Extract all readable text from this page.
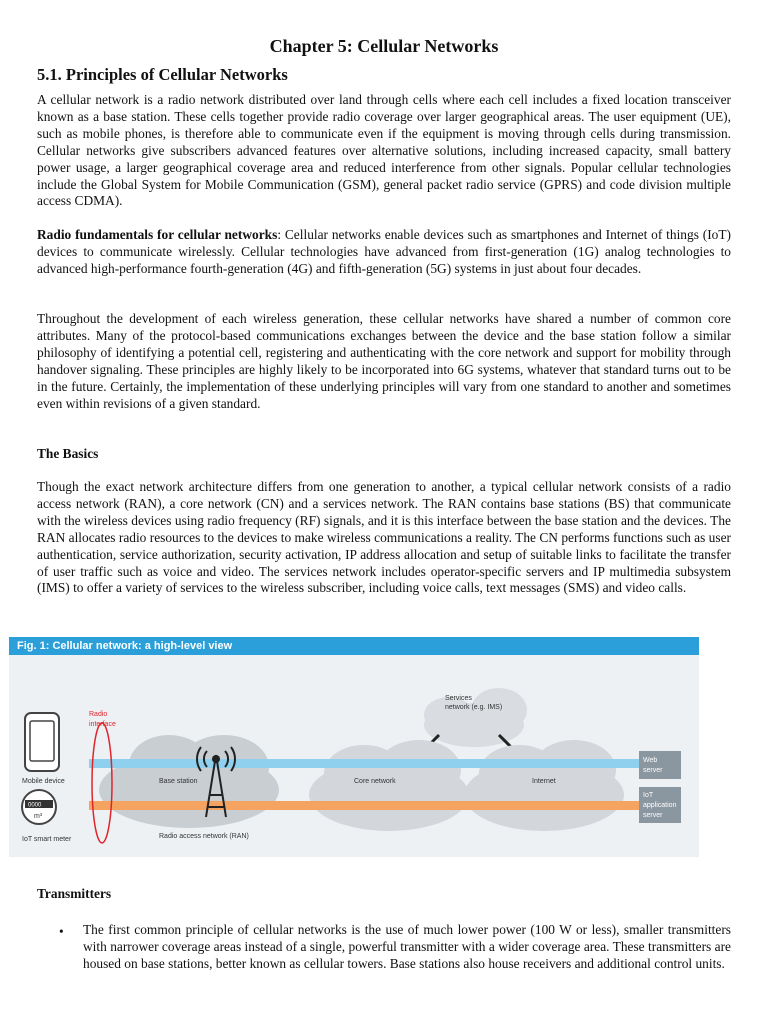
Chapter 5: Cellular Networks
5.1. Principles of Cellular Networks

A cellular network is a radio network distributed over land through cells where each cell includes a fixed location transceiver known as a base station. These cells together provide radio coverage over larger geographical areas. The user equipment (UE), such as mobile phones, is therefore able to communicate even if the equipment is moving through cells during transmission. Cellular networks give subscribers advanced features over alternative solutions, including increased capacity, small battery power usage, a larger geographical coverage area and reduced interference from other signals. Popular cellular technologies include the Global System for Mobile Communication (GSM), general packet radio service (GPRS) and code division multiple access CDMA).

Radio fundamentals for cellular networks: Cellular networks enable devices such as smartphones and Internet of things (IoT) devices to communicate wirelessly. Cellular technologies have advanced from first-generation (1G) analog technologies to advanced high-performance fourth-generation (4G) and fifth-generation (5G) systems in just about four decades.

Throughout the development of each wireless generation, these cellular networks have shared a number of common core attributes. Many of the protocol-based communications exchanges between the device and the base station follow a similar philosophy of identifying a potential cell, registering and authenticating with the core network and support for mobility through handover signaling. These principles are highly likely to be incorporated into 6G systems, whatever that standard turns out to be in the future. Certainly, the implementation of these underlying principles will vary from one standard to another and sometimes even within revisions of a given standard.

The Basics

Though the exact network architecture differs from one generation to another, a typical cellular network consists of a radio access network (RAN), a core network (CN) and a services network. The RAN contains base stations (BS) that communicate with the wireless devices using radio frequency (RF) signals, and it is this interface between the base station and the devices. The RAN allocates radio resources to the devices to make wireless communications a reality. The CN performs functions such as user authentication, service authorization, security activation, IP address allocation and setup of suitable links to facilitate the transfer of user traffic such as voice and video. The services network includes operator-specific servers and IP multimedia subsystem (IMS) to offer a variety of services to the wireless subscriber, including voice calls, text messages (SMS) and video calls.

Transmitters
• The first common principle of cellular networks is the use of much lower power (100 W or less), smaller transmitters with narrower coverage areas instead of a single, powerful transmitter with a wider coverage area. These transmitters are housed on base stations, better known as cellular towers. Base stations also house receivers and additional control units.

Fig. 1: Cellular network: a high-level view
Services
network (e.g. IMS)
Web
server
IoT
application
server
Mobile device
0000
m³
IoT smart meter
Radio
interface
Base station	Core network	Internet
Radio access network (RAN)
